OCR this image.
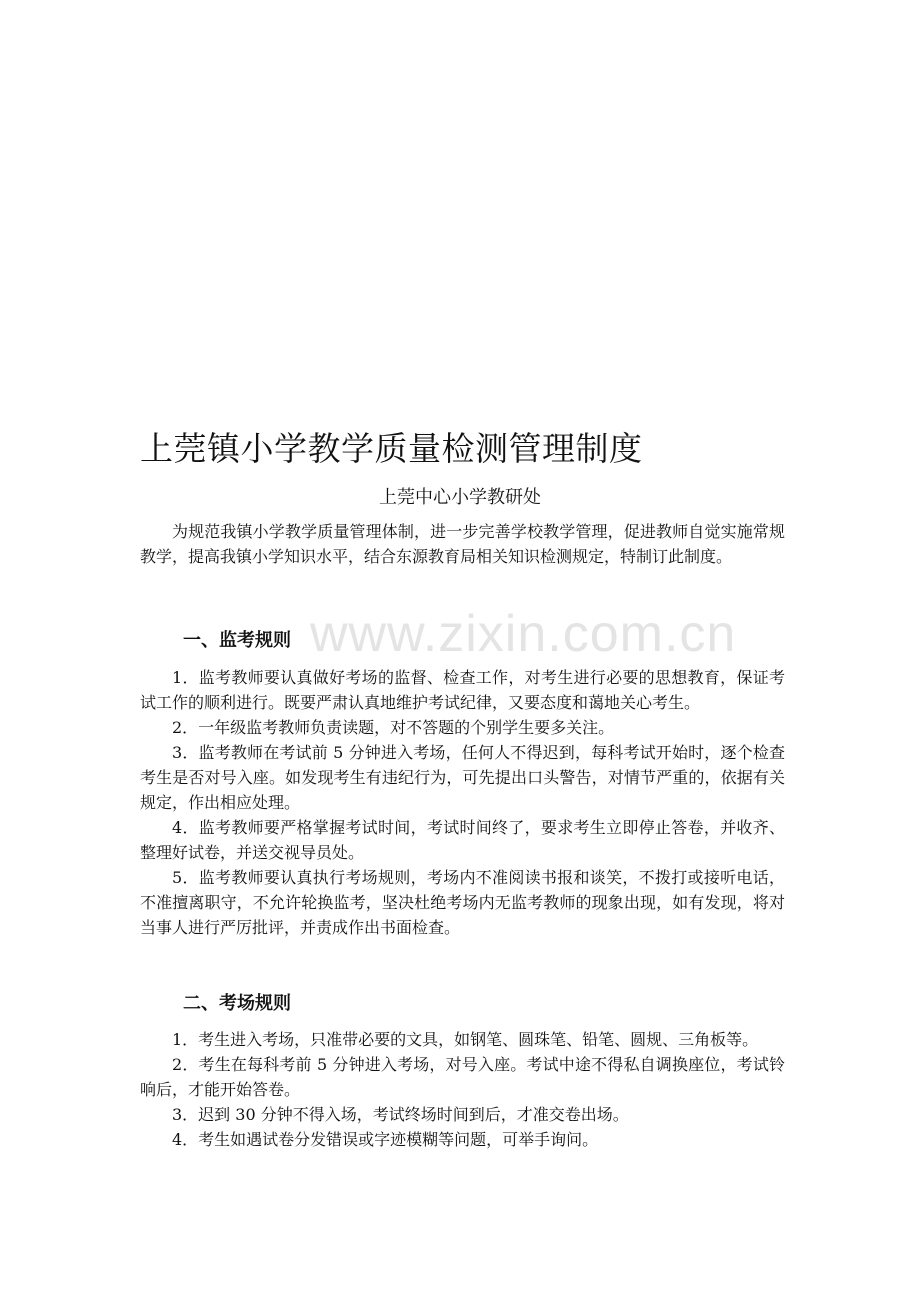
www.zixin.com.cn
上莞镇小学教学质量检测管理制度

上莞中心小学教研处

为规范我镇小学教学质量管理体制，进一步完善学校教学管理，促进教师自觉实施常规教学，提高我镇小学知识水平，结合东源教育局相关知识检测规定，特制订此制度。

一、监考规则

1．监考教师要认真做好考场的监督、检查工作，对考生进行必要的思想教育，保证考试工作的顺利进行。既要严肃认真地维护考试纪律，又要态度和蔼地关心考生。

2．一年级监考教师负责读题，对不答题的个别学生要多关注。

3．监考教师在考试前 5 分钟进入考场，任何人不得迟到，每科考试开始时，逐个检查考生是否对号入座。如发现考生有违纪行为，可先提出口头警告，对情节严重的，依据有关规定，作出相应处理。

4．监考教师要严格掌握考试时间，考试时间终了，要求考生立即停止答卷，并收齐、整理好试卷，并送交视导员处。

5．监考教师要认真执行考场规则，考场内不准阅读书报和谈笑，不拨打或接听电话，不准擅离职守，不允许轮换监考，坚决杜绝考场内无监考教师的现象出现，如有发现，将对当事人进行严厉批评，并责成作出书面检查。

二、考场规则

1．考生进入考场，只准带必要的文具，如钢笔、圆珠笔、铅笔、圆规、三角板等。

2．考生在每科考前 5 分钟进入考场，对号入座。考试中途不得私自调换座位，考试铃响后，才能开始答卷。

3．迟到 30 分钟不得入场，考试终场时间到后，才准交卷出场。

4．考生如遇试卷分发错误或字迹模糊等问题，可举手询问。
